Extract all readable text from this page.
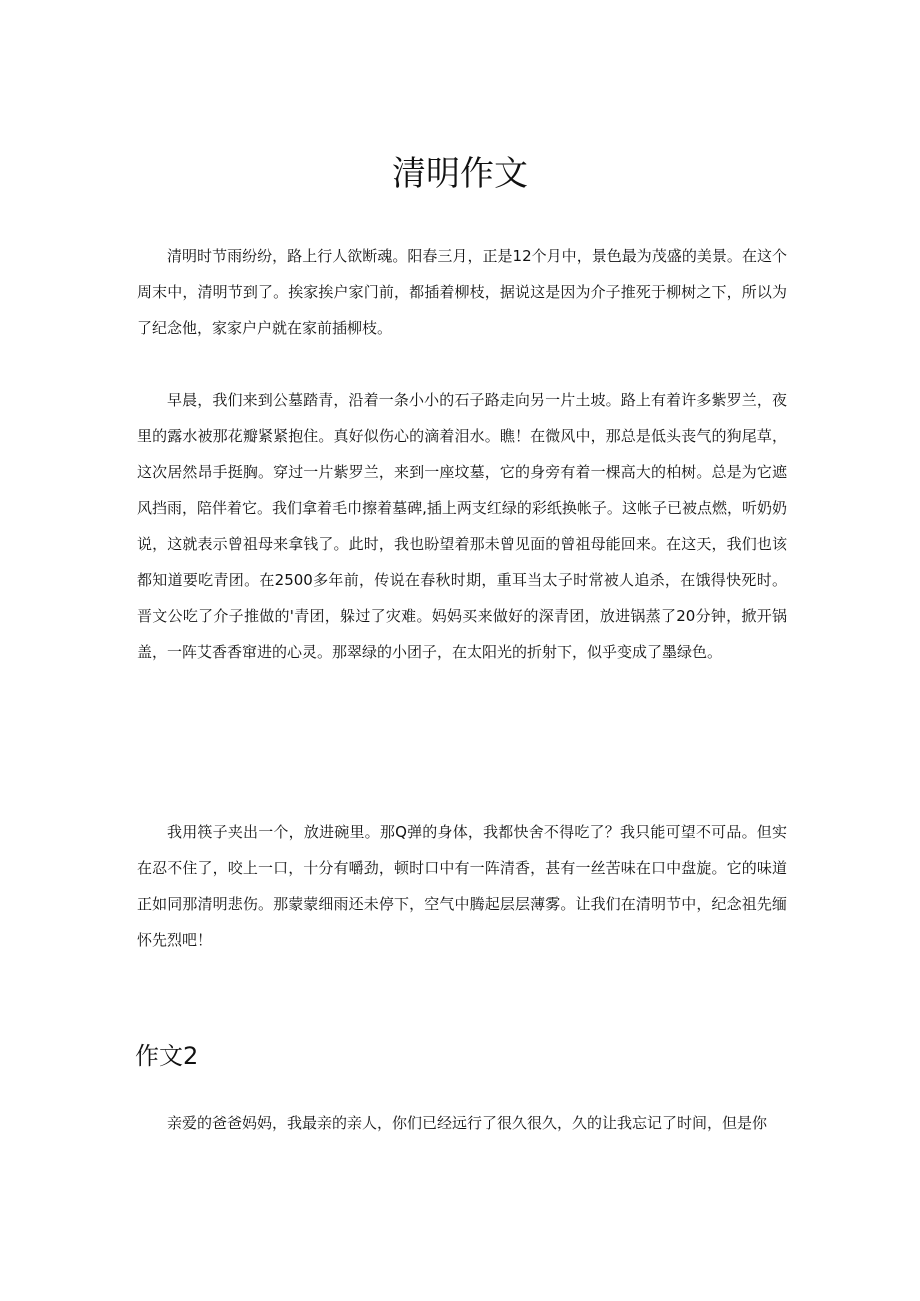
清明作文

清明时节雨纷纷，路上行人欲断魂。阳春三月，正是12个月中，景色最为茂盛的美景。在这个周末中，清明节到了。挨家挨户家门前，都插着柳枝，据说这是因为介子推死于柳树之下，所以为了纪念他，家家户户就在家前插柳枝。

早晨，我们来到公墓踏青，沿着一条小小的石子路走向另一片土坡。路上有着许多紫罗兰，夜里的露水被那花瓣紧紧抱住。真好似伤心的滴着泪水。瞧！在微风中，那总是低头丧气的狗尾草，这次居然昂手挺胸。穿过一片紫罗兰，来到一座坟墓，它的身旁有着一棵高大的柏树。总是为它遮风挡雨，陪伴着它。我们拿着毛巾擦着墓碑,插上两支红绿的彩纸换帐子。这帐子已被点燃，听奶奶说，这就表示曾祖母来拿钱了。此时，我也盼望着那未曾见面的曾祖母能回来。在这天，我们也该都知道要吃青团。在2500多年前，传说在春秋时期，重耳当太子时常被人追杀，在饿得快死时。晋文公吃了介子推做的'青团，躲过了灾难。妈妈买来做好的深青团，放进锅蒸了20分钟，掀开锅盖，一阵艾香香窜进的心灵。那翠绿的小团子，在太阳光的折射下，似乎变成了墨绿色。

我用筷子夹出一个，放进碗里。那Q弹的身体，我都快舍不得吃了？我只能可望不可品。但实在忍不住了，咬上一口，十分有嚼劲，顿时口中有一阵清香，甚有一丝苦味在口中盘旋。它的味道正如同那清明悲伤。那蒙蒙细雨还未停下，空气中腾起层层薄雾。让我们在清明节中，纪念祖先缅怀先烈吧！

作文2

亲爱的爸爸妈妈，我最亲的亲人，你们已经远行了很久很久，久的让我忘记了时间，但是你
